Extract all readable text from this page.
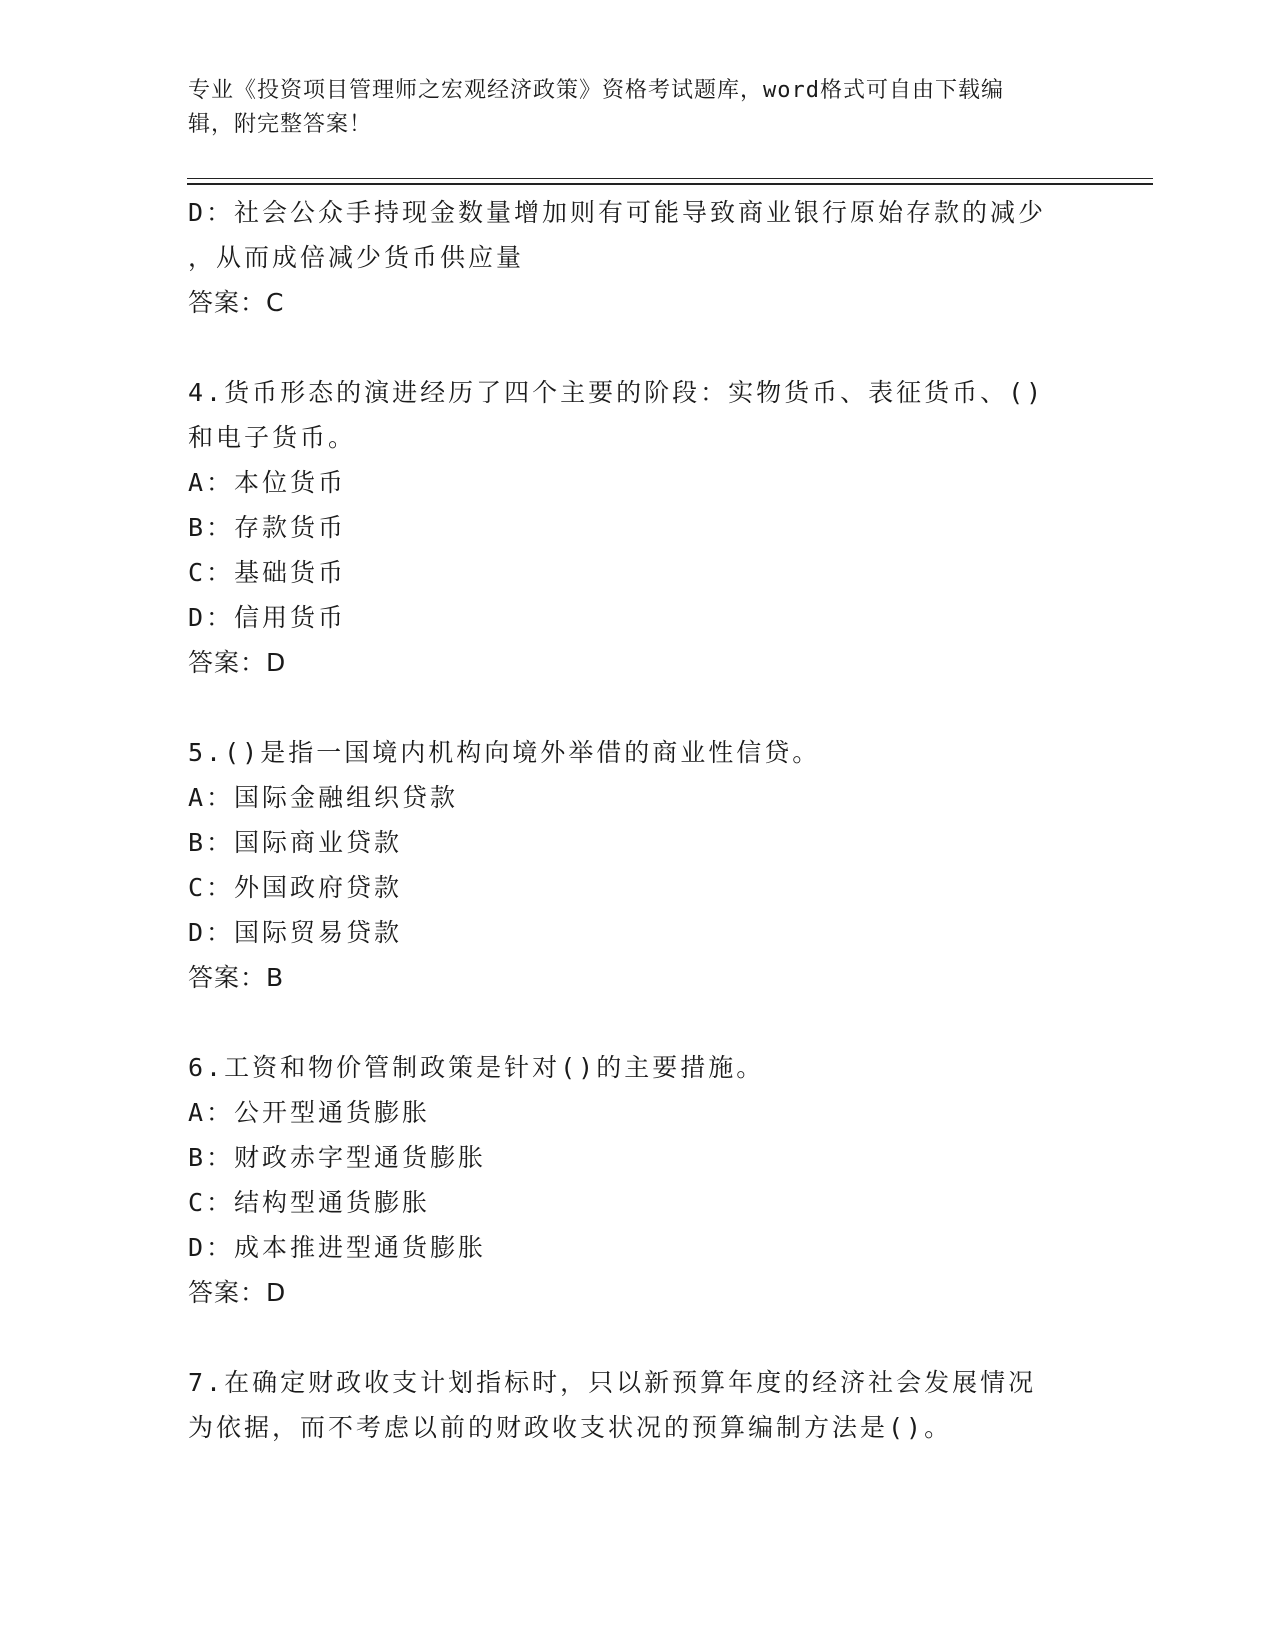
专业《投资项目管理师之宏观经济政策》资格考试题库，word格式可自由下载编
辑，附完整答案！
D：社会公众手持现金数量增加则有可能导致商业银行原始存款的减少
，从而成倍减少货币供应量
答案：C
4.货币形态的演进经历了四个主要的阶段：实物货币、表征货币、()
和电子货币。
A：本位货币
B：存款货币
C：基础货币
D：信用货币
答案：D
5.()是指一国境内机构向境外举借的商业性信贷。
A：国际金融组织贷款
B：国际商业贷款
C：外国政府贷款
D：国际贸易贷款
答案：B
6.工资和物价管制政策是针对()的主要措施。
A：公开型通货膨胀
B：财政赤字型通货膨胀
C：结构型通货膨胀
D：成本推进型通货膨胀
答案：D
7.在确定财政收支计划指标时，只以新预算年度的经济社会发展情况
为依据，而不考虑以前的财政收支状况的预算编制方法是()。
